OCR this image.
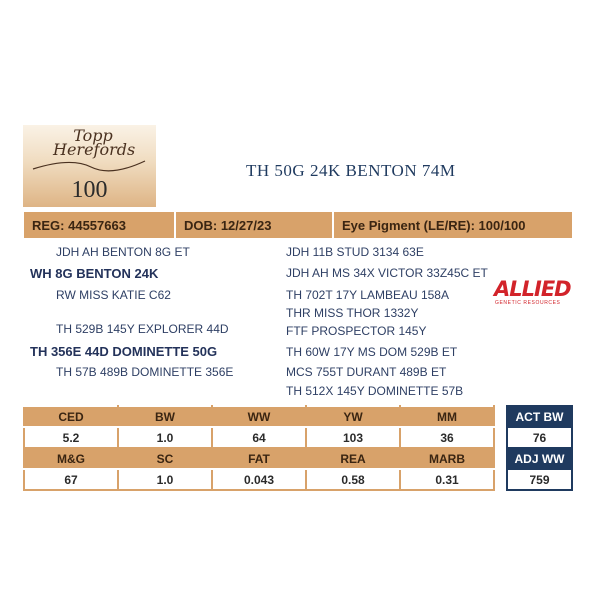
Topp
Herefords
100
TH 50G 24K BENTON 74M
REG: 44557663	DOB: 12/27/23	Eye Pigment (LE/RE): 100/100
JDH AH BENTON 8G ET
WH 8G BENTON 24K
RW MISS KATIE C62
TH 529B 145Y EXPLORER 44D
TH 356E 44D DOMINETTE 50G
TH 57B 489B DOMINETTE 356E
JDH 11B STUD 3134 63E
JDH AH MS 34X VICTOR 33Z45C ET
TH 702T 17Y LAMBEAU 158A
THR MISS THOR 1332Y
FTF PROSPECTOR 145Y
TH 60W 17Y MS DOM 529B ET
MCS 755T DURANT 489B ET
TH 512X 145Y DOMINETTE 57B
ALLIED
GENETIC RESOURCES
CED	BW	WW	YW	MM
5.2	1.0	64	103	36
M&G	SC	FAT	REA	MARB
67	1.0	0.043	0.58	0.31
ACT BW
76
ADJ WW
759
